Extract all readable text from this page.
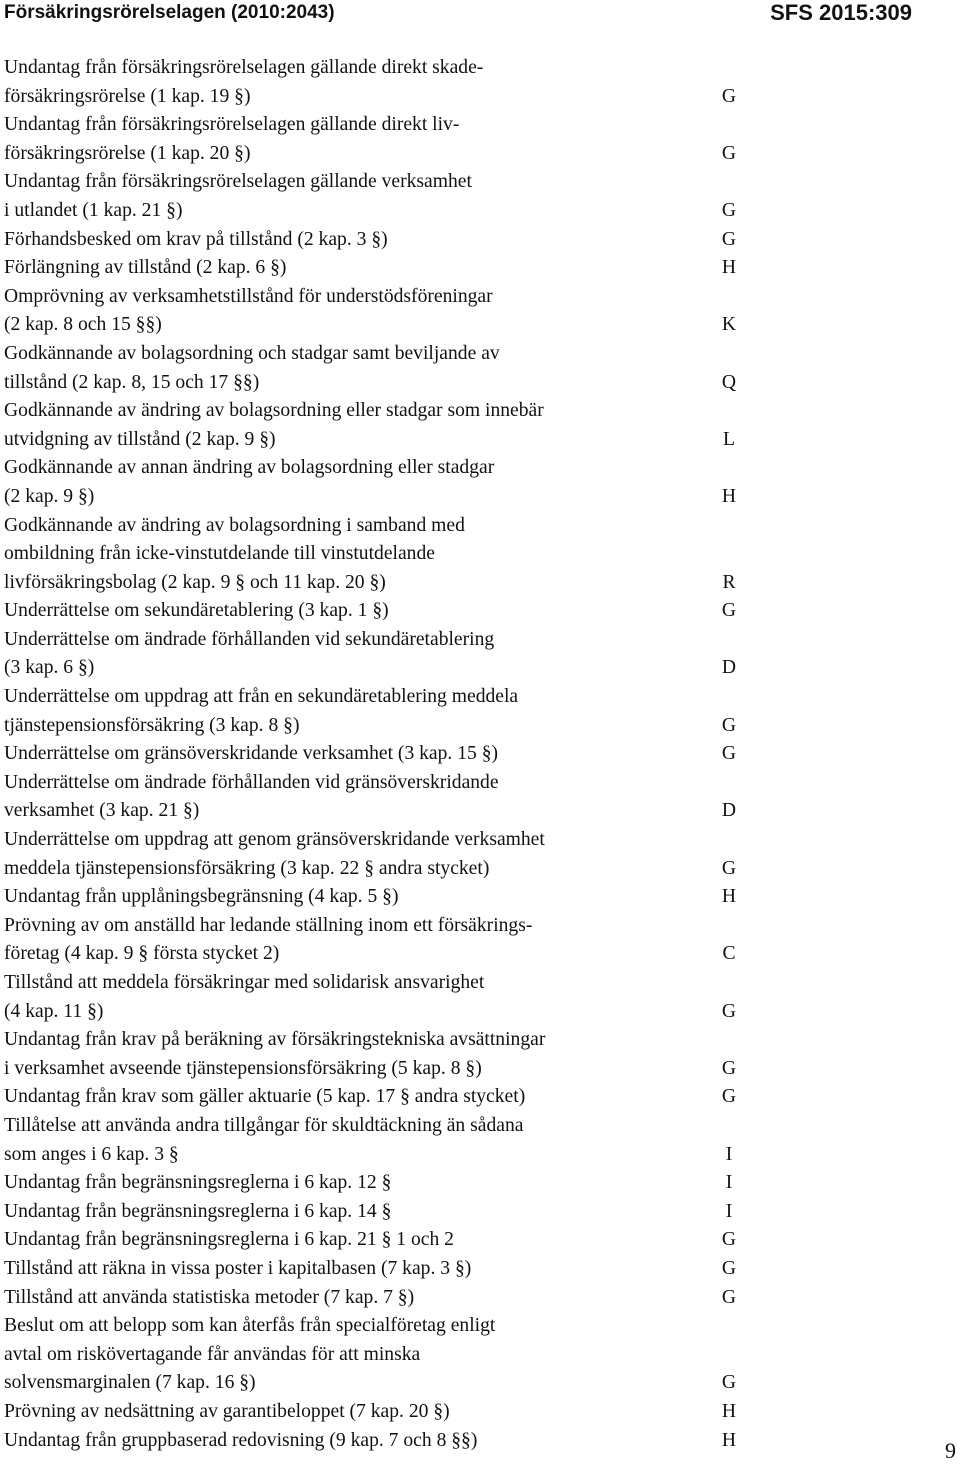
Försäkringsrörelselagen (2010:2043)	SFS 2015:309
Undantag från försäkringsrörelselagen gällande direkt skade-
försäkringsrörelse (1 kap. 19 §)	G
Undantag från försäkringsrörelselagen gällande direkt liv-
försäkringsrörelse (1 kap. 20 §)	G
Undantag från försäkringsrörelselagen gällande verksamhet
i utlandet (1 kap. 21 §)	G
Förhandsbesked om krav på tillstånd (2 kap. 3 §)	G
Förlängning av tillstånd (2 kap. 6 §)	H
Omprövning av verksamhetstillstånd för understödsföreningar
(2 kap. 8 och 15 §§)	K
Godkännande av bolagsordning och stadgar samt beviljande av
tillstånd (2 kap. 8, 15 och 17 §§)	Q
Godkännande av ändring av bolagsordning eller stadgar som innebär
utvidgning av tillstånd (2 kap. 9 §)	L
Godkännande av annan ändring av bolagsordning eller stadgar
(2 kap. 9 §)	H
Godkännande av ändring av bolagsordning i samband med
ombildning från icke-vinstutdelande till vinstutdelande
livförsäkringsbolag (2 kap. 9 § och 11 kap. 20 §)	R
Underrättelse om sekundäretablering (3 kap. 1 §)	G
Underrättelse om ändrade förhållanden vid sekundäretablering
(3 kap. 6 §)	D
Underrättelse om uppdrag att från en sekundäretablering meddela
tjänstepensionsförsäkring (3 kap. 8 §)	G
Underrättelse om gränsöverskridande verksamhet (3 kap. 15 §)	G
Underrättelse om ändrade förhållanden vid gränsöverskridande
verksamhet (3 kap. 21 §)	D
Underrättelse om uppdrag att genom gränsöverskridande verksamhet
meddela tjänstepensionsförsäkring (3 kap. 22 § andra stycket)	G
Undantag från upplåningsbegränsning (4 kap. 5 §)	H
Prövning av om anställd har ledande ställning inom ett försäkrings-
företag (4 kap. 9 § första stycket 2)	C
Tillstånd att meddela försäkringar med solidarisk ansvarighet
(4 kap. 11 §)	G
Undantag från krav på beräkning av försäkringstekniska avsättningar
i verksamhet avseende tjänstepensionsförsäkring (5 kap. 8 §)	G
Undantag från krav som gäller aktuarie (5 kap. 17 § andra stycket)	G
Tillåtelse att använda andra tillgångar för skuldtäckning än sådana
som anges i 6 kap. 3 §	I
Undantag från begränsningsreglerna i 6 kap. 12 §	I
Undantag från begränsningsreglerna i 6 kap. 14 §	I
Undantag från begränsningsreglerna i 6 kap. 21 § 1 och 2	G
Tillstånd att räkna in vissa poster i kapitalbasen (7 kap. 3 §)	G
Tillstånd att använda statistiska metoder (7 kap. 7 §)	G
Beslut om att belopp som kan återfås från specialföretag enligt
avtal om riskövertagande får användas för att minska
solvensmarginalen (7 kap. 16 §)	G
Prövning av nedsättning av garantibeloppet (7 kap. 20 §)	H
Undantag från gruppbaserad redovisning (9 kap. 7 och 8 §§)	H	9
